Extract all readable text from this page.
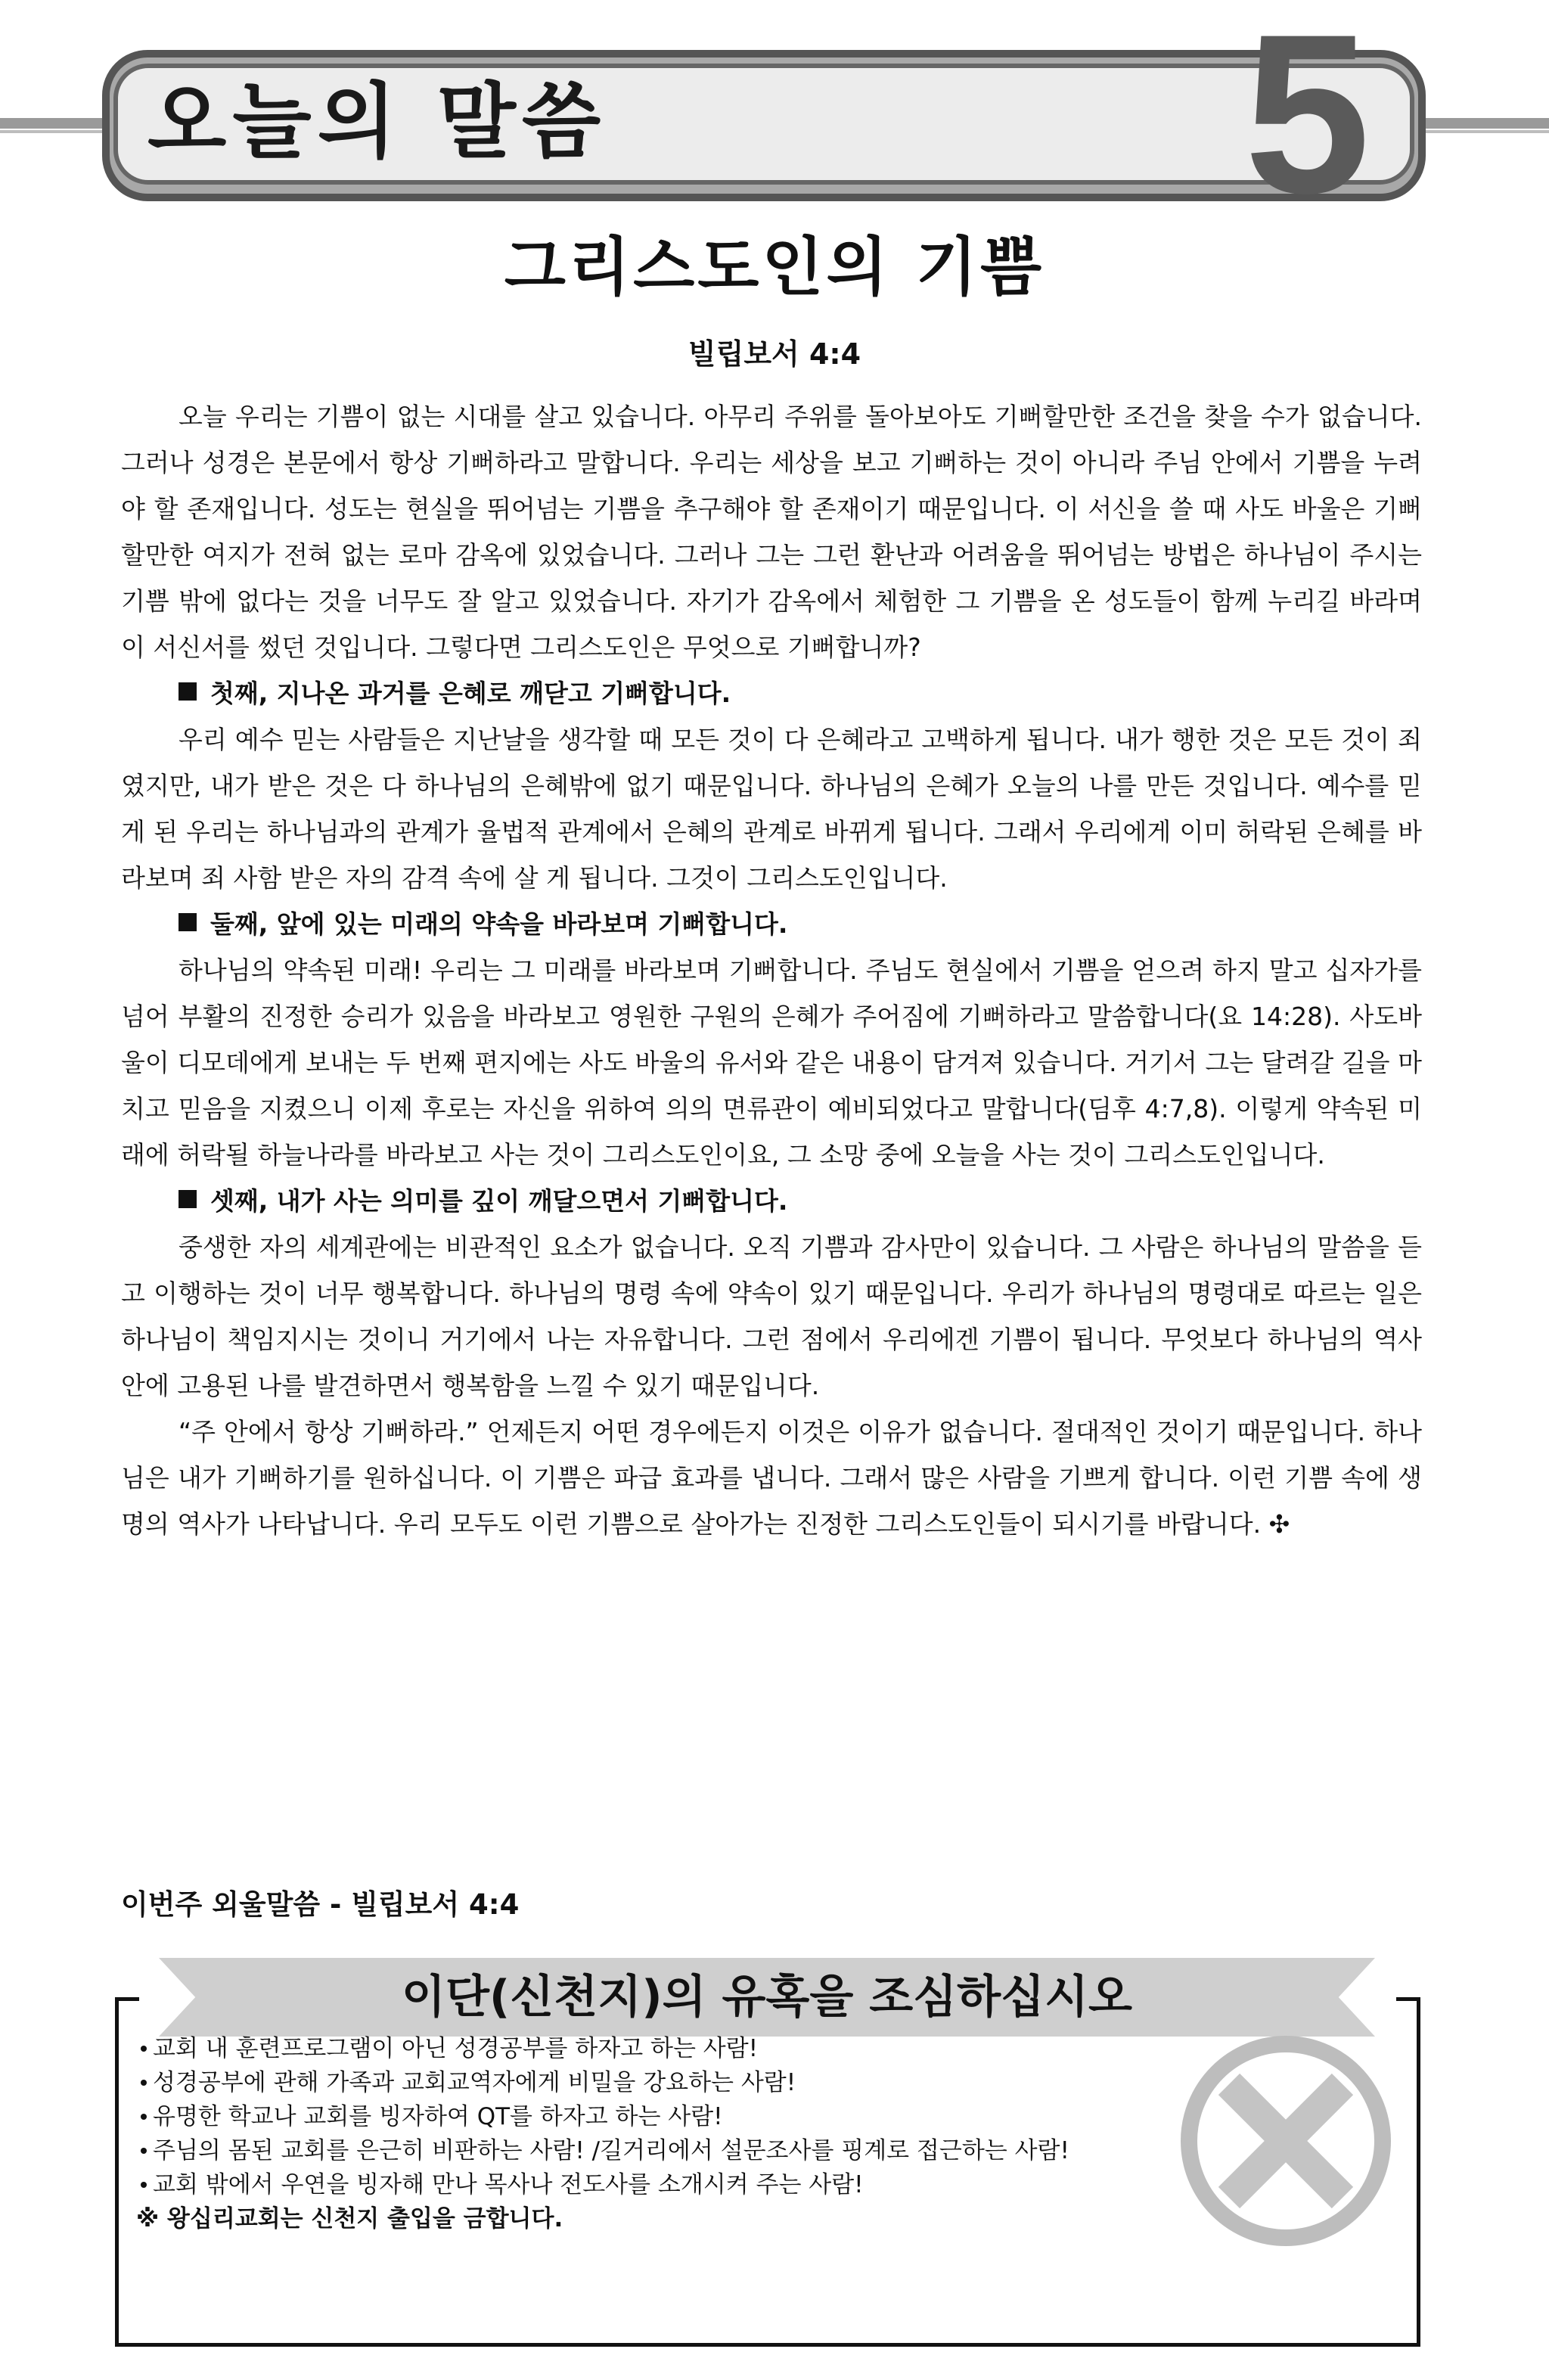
오늘의 말씀	5
그리스도인의 기쁨
빌립보서 4:4

오늘 우리는 기쁨이 없는 시대를 살고 있습니다. 아무리 주위를 돌아보아도 기뻐할만한 조건을 찾을 수가 없습니다. 그러나 성경은 본문에서 항상 기뻐하라고 말합니다. 우리는 세상을 보고 기뻐하는 것이 아니라 주님 안에서 기쁨을 누려야 할 존재입니다. 성도는 현실을 뛰어넘는 기쁨을 추구해야 할 존재이기 때문입니다. 이 서신을 쓸 때 사도 바울은 기뻐할만한 여지가 전혀 없는 로마 감옥에 있었습니다. 그러나 그는 그런 환난과 어려움을 뛰어넘는 방법은 하나님이 주시는 기쁨 밖에 없다는 것을 너무도 잘 알고 있었습니다. 자기가 감옥에서 체험한 그 기쁨을 온 성도들이 함께 누리길 바라며 이 서신서를 썼던 것입니다. 그렇다면 그리스도인은 무엇으로 기뻐합니까?

첫째, 지나온 과거를 은혜로 깨닫고 기뻐합니다.

우리 예수 믿는 사람들은 지난날을 생각할 때 모든 것이 다 은혜라고 고백하게 됩니다. 내가 행한 것은 모든 것이 죄였지만, 내가 받은 것은 다 하나님의 은혜밖에 없기 때문입니다. 하나님의 은혜가 오늘의 나를 만든 것입니다. 예수를 믿게 된 우리는 하나님과의 관계가 율법적 관계에서 은혜의 관계로 바뀌게 됩니다. 그래서 우리에게 이미 허락된 은혜를 바라보며 죄 사함 받은 자의 감격 속에 살 게 됩니다. 그것이 그리스도인입니다.

둘째, 앞에 있는 미래의 약속을 바라보며 기뻐합니다.

하나님의 약속된 미래! 우리는 그 미래를 바라보며 기뻐합니다. 주님도 현실에서 기쁨을 얻으려 하지 말고 십자가를 넘어 부활의 진정한 승리가 있음을 바라보고 영원한 구원의 은혜가 주어짐에 기뻐하라고 말씀합니다(요 14:28). 사도바울이 디모데에게 보내는 두 번째 편지에는 사도 바울의 유서와 같은 내용이 담겨져 있습니다. 거기서 그는 달려갈 길을 마치고 믿음을 지켰으니 이제 후로는 자신을 위하여 의의 면류관이 예비되었다고 말합니다(딤후 4:7,8). 이렇게 약속된 미래에 허락될 하늘나라를 바라보고 사는 것이 그리스도인이요, 그 소망 중에 오늘을 사는 것이 그리스도인입니다.

셋째, 내가 사는 의미를 깊이 깨달으면서 기뻐합니다.

중생한 자의 세계관에는 비관적인 요소가 없습니다. 오직 기쁨과 감사만이 있습니다. 그 사람은 하나님의 말씀을 듣고 이행하는 것이 너무 행복합니다. 하나님의 명령 속에 약속이 있기 때문입니다. 우리가 하나님의 명령대로 따르는 일은 하나님이 책임지시는 것이니 거기에서 나는 자유합니다. 그런 점에서 우리에겐 기쁨이 됩니다. 무엇보다 하나님의 역사 안에 고용된 나를 발견하면서 행복함을 느낄 수 있기 때문입니다.

“주 안에서 항상 기뻐하라.” 언제든지 어떤 경우에든지 이것은 이유가 없습니다. 절대적인 것이기 때문입니다. 하나님은 내가 기뻐하기를 원하십니다. 이 기쁨은 파급 효과를 냅니다. 그래서 많은 사람을 기쁘게 합니다. 이런 기쁨 속에 생명의 역사가 나타납니다. 우리 모두도 이런 기쁨으로 살아가는 진정한 그리스도인들이 되시기를 바랍니다. ✣

이번주 외울말씀 - 빌립보서 4:4
이단(신천지)의 유혹을 조심하십시오
교회 내 훈련프로그램이 아닌 성경공부를 하자고 하는 사람!
성경공부에 관해 가족과 교회교역자에게 비밀을 강요하는 사람!
유명한 학교나 교회를 빙자하여 QT를 하자고 하는 사람!
주님의 몸된 교회를 은근히 비판하는 사람! /길거리에서 설문조사를 핑계로 접근하는 사람!
교회 밖에서 우연을 빙자해 만나 목사나 전도사를 소개시켜 주는 사람!
※ 왕십리교회는 신천지 출입을 금합니다.
